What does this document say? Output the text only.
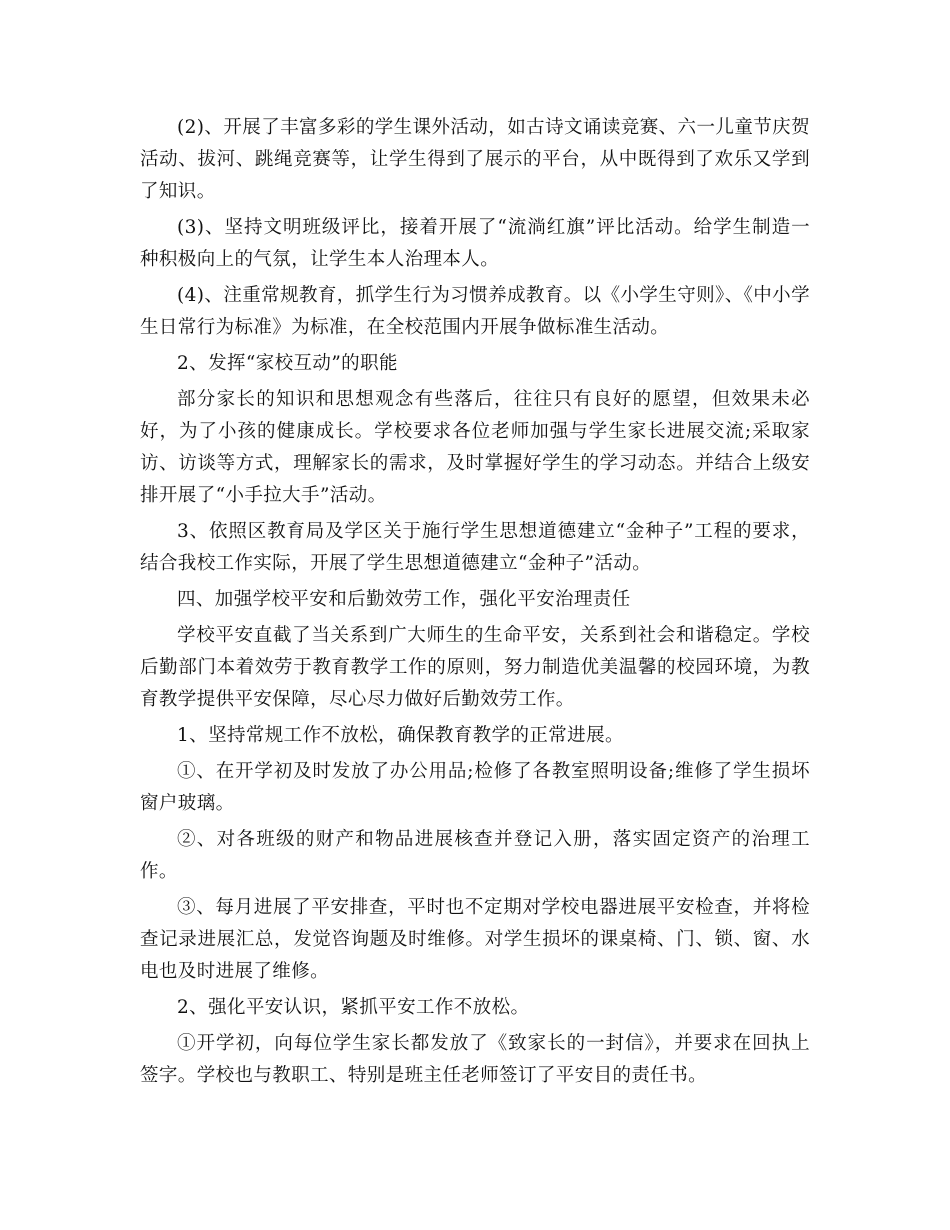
(2)、开展了丰富多彩的学生课外活动，如古诗文诵读竞赛、六一儿童节庆贺活动、拔河、跳绳竞赛等，让学生得到了展示的平台，从中既得到了欢乐又学到了知识。

(3)、坚持文明班级评比，接着开展了“流淌红旗”评比活动。给学生制造一种积极向上的气氛，让学生本人治理本人。

(4)、注重常规教育，抓学生行为习惯养成教育。以《小学生守则》、《中小学生日常行为标准》为标准，在全校范围内开展争做标准生活动。

2、发挥“家校互动”的职能

部分家长的知识和思想观念有些落后，往往只有良好的愿望，但效果未必好，为了小孩的健康成长。学校要求各位老师加强与学生家长进展交流;采取家访、访谈等方式，理解家长的需求，及时掌握好学生的学习动态。并结合上级安排开展了“小手拉大手”活动。

3、依照区教育局及学区关于施行学生思想道德建立“金种子”工程的要求，结合我校工作实际，开展了学生思想道德建立“金种子”活动。

四、加强学校平安和后勤效劳工作，强化平安治理责任

学校平安直截了当关系到广大师生的生命平安，关系到社会和谐稳定。学校后勤部门本着效劳于教育教学工作的原则，努力制造优美温馨的校园环境，为教育教学提供平安保障，尽心尽力做好后勤效劳工作。

1、坚持常规工作不放松，确保教育教学的正常进展。

①、在开学初及时发放了办公用品;检修了各教室照明设备;维修了学生损坏窗户玻璃。

②、对各班级的财产和物品进展核查并登记入册，落实固定资产的治理工作。

③、每月进展了平安排查，平时也不定期对学校电器进展平安检查，并将检查记录进展汇总，发觉咨询题及时维修。对学生损坏的课桌椅、门、锁、窗、水电也及时进展了维修。

2、强化平安认识，紧抓平安工作不放松。

①开学初，向每位学生家长都发放了《致家长的一封信》，并要求在回执上签字。学校也与教职工、特别是班主任老师签订了平安目的责任书。
